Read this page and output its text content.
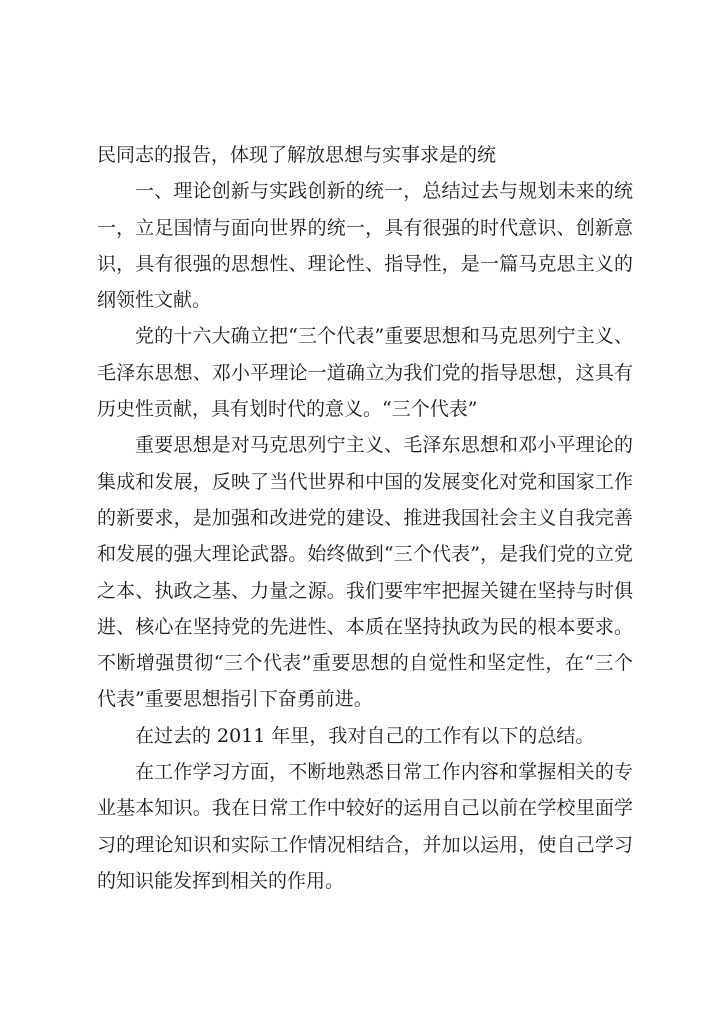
民同志的报告，体现了解放思想与实事求是的统

一、理论创新与实践创新的统一，总结过去与规划未来的统一，立足国情与面向世界的统一，具有很强的时代意识、创新意识，具有很强的思想性、理论性、指导性，是一篇马克思主义的纲领性文献。

党的十六大确立把“三个代表”重要思想和马克思列宁主义、毛泽东思想、邓小平理论一道确立为我们党的指导思想，这具有历史性贡献，具有划时代的意义。“三个代表”

重要思想是对马克思列宁主义、毛泽东思想和邓小平理论的集成和发展，反映了当代世界和中国的发展变化对党和国家工作的新要求，是加强和改进党的建设、推进我国社会主义自我完善和发展的强大理论武器。始终做到“三个代表”，是我们党的立党之本、执政之基、力量之源。我们要牢牢把握关键在坚持与时俱进、核心在坚持党的先进性、本质在坚持执政为民的根本要求。不断增强贯彻“三个代表”重要思想的自觉性和坚定性，在“三个代表”重要思想指引下奋勇前进。

在过去的 2011 年里，我对自己的工作有以下的总结。

在工作学习方面，不断地熟悉日常工作内容和掌握相关的专业基本知识。我在日常工作中较好的运用自己以前在学校里面学习的理论知识和实际工作情况相结合，并加以运用，使自己学习的知识能发挥到相关的作用。
